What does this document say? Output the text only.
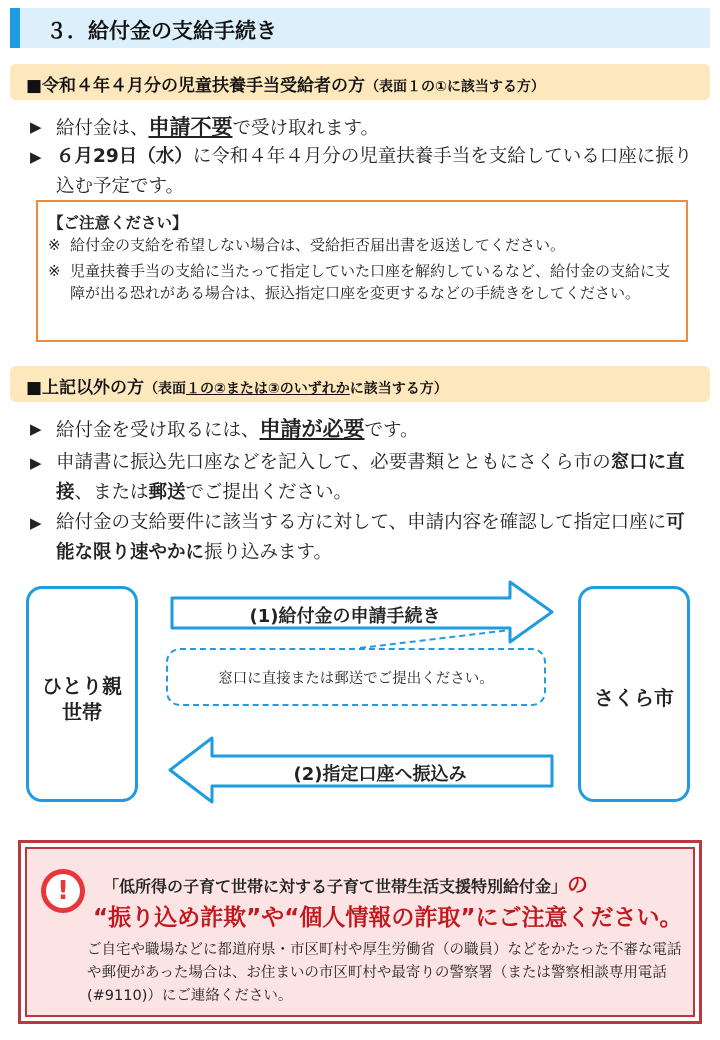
３．給付金の支給手続き
■令和４年４月分の児童扶養手当受給者の方（表面１の①に該当する方）
▶ 給付金は、申請不要で受け取れます。
▶ ６月29日（水）に令和４年４月分の児童扶養手当を支給している口座に振り込む予定です。
【ご注意ください】
※ 給付金の支給を希望しない場合は、受給拒否届出書を返送してください。
※ 児童扶養手当の支給に当たって指定していた口座を解約しているなど、給付金の支給に支障が出る恐れがある場合は、振込指定口座を変更するなどの手続きをしてください。
■上記以外の方（表面１の②または③のいずれかに該当する方）
▶ 給付金を受け取るには、申請が必要です。
▶ 申請書に振込先口座などを記入して、必要書類とともにさくら市の窓口に直接、または郵送でご提出ください。
▶ 給付金の支給要件に該当する方に対して、申請内容を確認して指定口座に可能な限り速やかに振り込みます。
ひとり親
世帯
さくら市
(1)給付金の申請手続き
(2)指定口座へ振込み
窓口に直接または郵送でご提出ください。
!	「低所得の子育て世帯に対する子育て世帯生活支援特別給付金」の
“振り込め詐欺”や“個人情報の詐取”にご注意ください。
ご自宅や職場などに都道府県・市区町村や厚生労働省（の職員）などをかたった不審な電話や郵便があった場合は、お住まいの市区町村や最寄りの警察署（または警察相談専用電話(#9110)）にご連絡ください。
